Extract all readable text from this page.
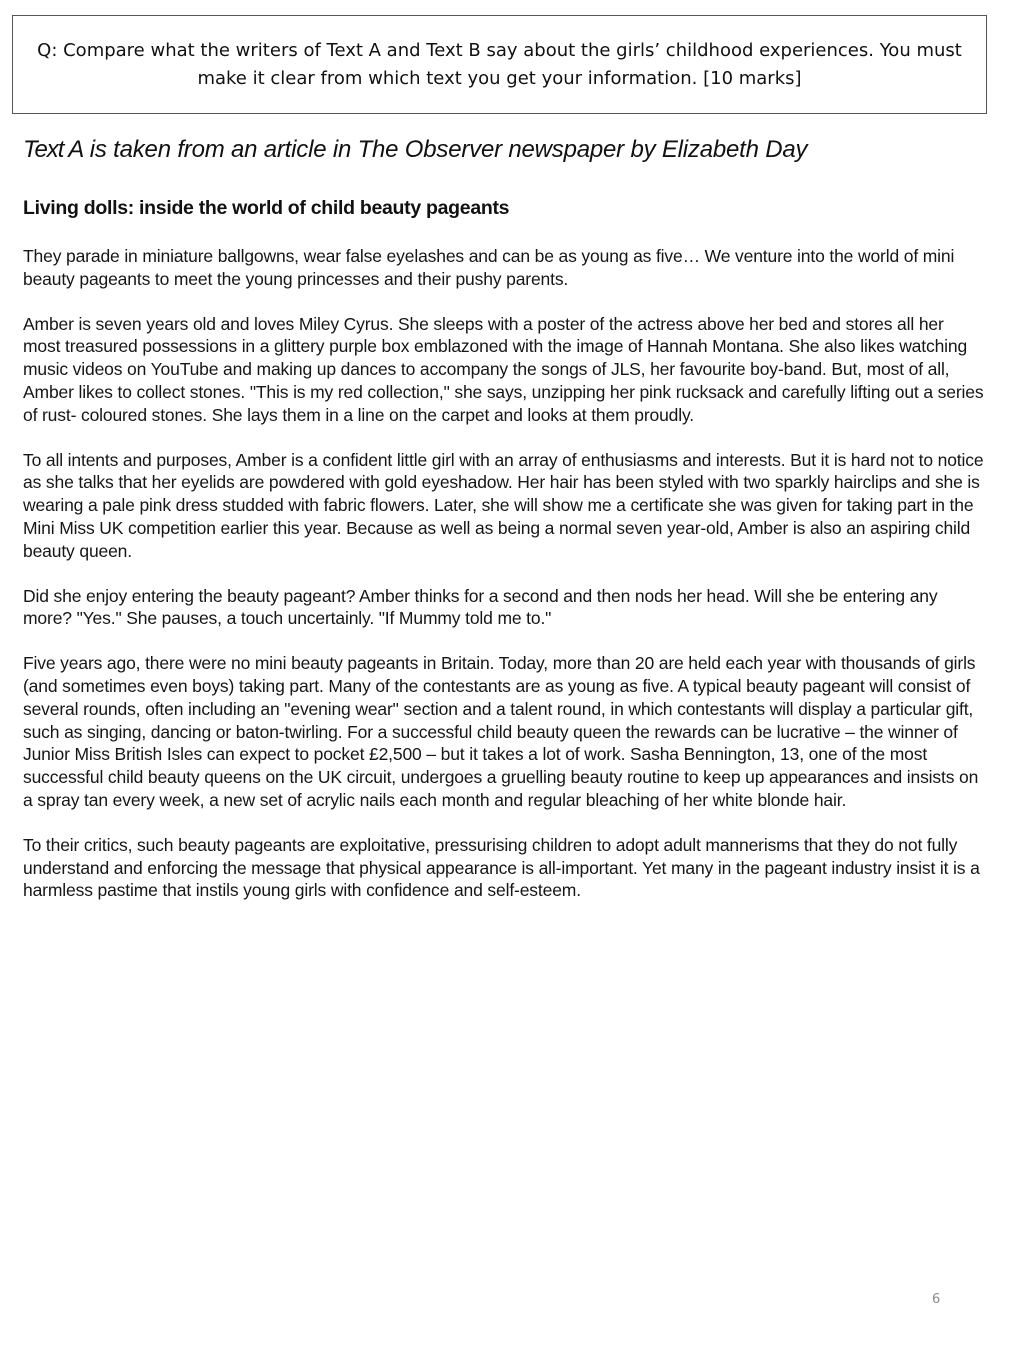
Q: Compare what the writers of Text A and Text B say about the girls’ childhood experiences. You must make it clear from which text you get your information. [10 marks]

Text A is taken from an article in The Observer newspaper by Elizabeth Day

Living dolls: inside the world of child beauty pageants

They parade in miniature ballgowns, wear false eyelashes and can be as young as five… We venture into the world of mini beauty pageants to meet the young princesses and their pushy parents.

Amber is seven years old and loves Miley Cyrus. She sleeps with a poster of the actress above her bed and stores all her most treasured possessions in a glittery purple box emblazoned with the image of Hannah Montana. She also likes watching music videos on YouTube and making up dances to accompany the songs of JLS, her favourite boy-band. But, most of all, Amber likes to collect stones. "This is my red collection," she says, unzipping her pink rucksack and carefully lifting out a series of rust- coloured stones. She lays them in a line on the carpet and looks at them proudly.

To all intents and purposes, Amber is a confident little girl with an array of enthusiasms and interests. But it is hard not to notice as she talks that her eyelids are powdered with gold eyeshadow. Her hair has been styled with two sparkly hairclips and she is wearing a pale pink dress studded with fabric flowers. Later, she will show me a certificate she was given for taking part in the Mini Miss UK competition earlier this year. Because as well as being a normal seven year-old, Amber is also an aspiring child beauty queen.

Did she enjoy entering the beauty pageant? Amber thinks for a second and then nods her head. Will she be entering any more? "Yes." She pauses, a touch uncertainly. "If Mummy told me to."

Five years ago, there were no mini beauty pageants in Britain. Today, more than 20 are held each year with thousands of girls (and sometimes even boys) taking part. Many of the contestants are as young as five. A typical beauty pageant will consist of several rounds, often including an "evening wear" section and a talent round, in which contestants will display a particular gift, such as singing, dancing or baton-twirling. For a successful child beauty queen the rewards can be lucrative – the winner of Junior Miss British Isles can expect to pocket £2,500 – but it takes a lot of work. Sasha Bennington, 13, one of the most successful child beauty queens on the UK circuit, undergoes a gruelling beauty routine to keep up appearances and insists on a spray tan every week, a new set of acrylic nails each month and regular bleaching of her white blonde hair.

To their critics, such beauty pageants are exploitative, pressurising children to adopt adult mannerisms that they do not fully understand and enforcing the message that physical appearance is all-important. Yet many in the pageant industry insist it is a harmless pastime that instils young girls with confidence and self-esteem.

6
